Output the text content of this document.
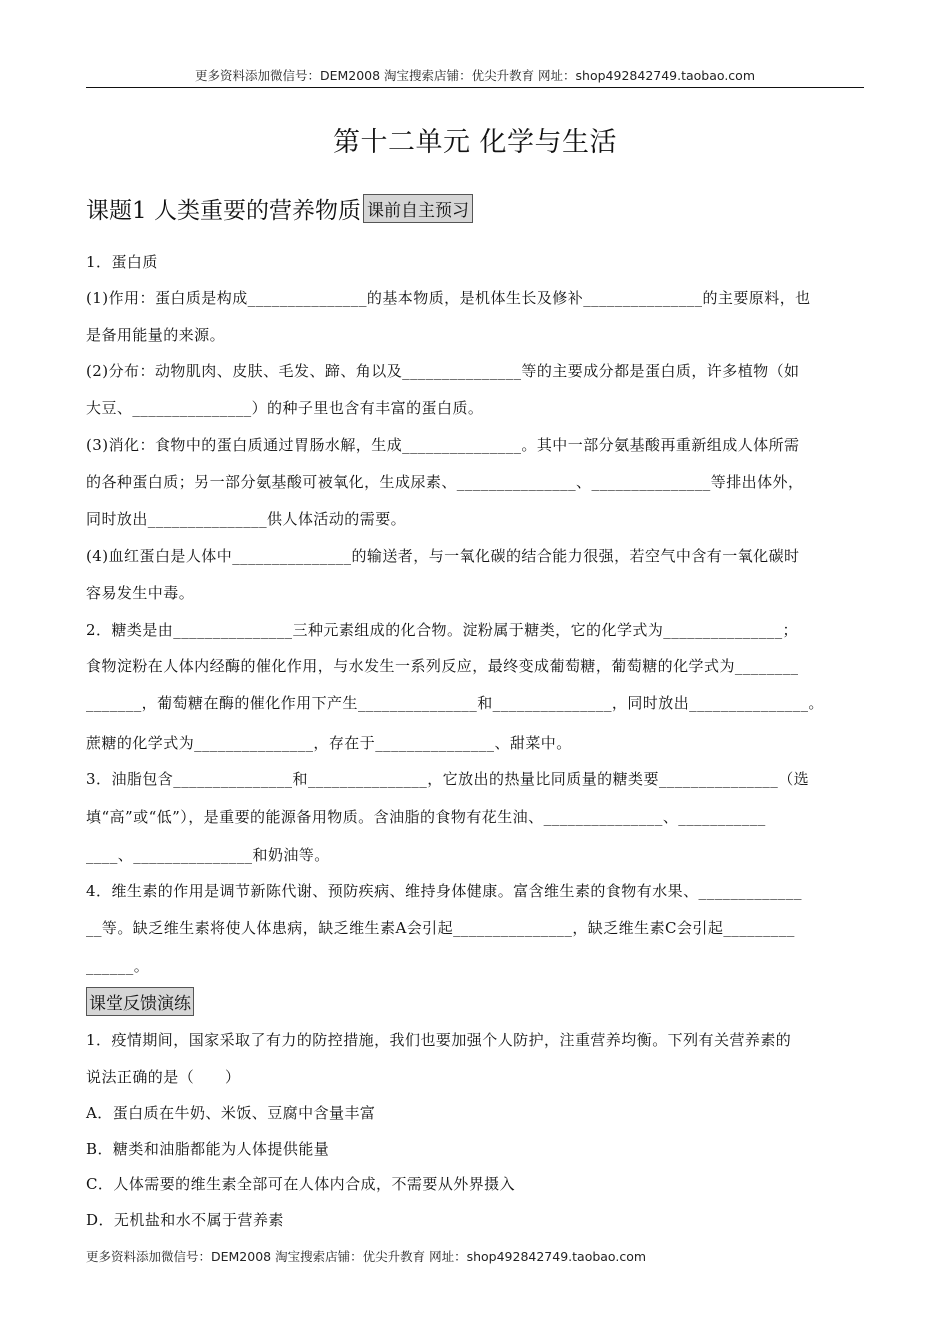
更多资料添加微信号：DEM2008 淘宝搜索店铺：优尖升教育 网址：shop492842749.taobao.com
第十二单元 化学与生活
课题1 人类重要的营养物质 课前自主预习
1．蛋白质
(1)作用：蛋白质是构成_______________的基本物质，是机体生长及修补_______________的主要原料，也
是备用能量的来源。
(2)分布：动物肌肉、皮肤、毛发、蹄、角以及_______________等的主要成分都是蛋白质，许多植物（如
大豆、_______________）的种子里也含有丰富的蛋白质。
(3)消化：食物中的蛋白质通过胃肠水解，生成_______________。其中一部分氨基酸再重新组成人体所需
的各种蛋白质；另一部分氨基酸可被氧化，生成尿素、_______________、_______________等排出体外，
同时放出_______________供人体活动的需要。
(4)血红蛋白是人体中_______________的输送者，与一氧化碳的结合能力很强，若空气中含有一氧化碳时
容易发生中毒。
2．糖类是由_______________三种元素组成的化合物。淀粉属于糖类，它的化学式为_______________；
食物淀粉在人体内经酶的催化作用，与水发生一系列反应，最终变成葡萄糖，葡萄糖的化学式为________
_______，葡萄糖在酶的催化作用下产生_______________和_______________，同时放出_______________。
蔗糖的化学式为_______________，存在于_______________、甜菜中。
3．油脂包含_______________和_______________，它放出的热量比同质量的糖类要_______________（选
填“高”或“低”），是重要的能源备用物质。含油脂的食物有花生油、_______________、___________
____、_______________和奶油等。
4．维生素的作用是调节新陈代谢、预防疾病、维持身体健康。富含维生素的食物有水果、_____________
__等。缺乏维生素将使人体患病，缺乏维生素A会引起_______________，缺乏维生素C会引起_________
______。
课堂反馈演练
1．疫情期间，国家采取了有力的防控措施，我们也要加强个人防护，注重营养均衡。下列有关营养素的
说法正确的是（　　）
A．蛋白质在牛奶、米饭、豆腐中含量丰富
B．糖类和油脂都能为人体提供能量
C．人体需要的维生素全部可在人体内合成，不需要从外界摄入
D．无机盐和水不属于营养素
更多资料添加微信号：DEM2008 淘宝搜索店铺：优尖升教育 网址：shop492842749.taobao.com
